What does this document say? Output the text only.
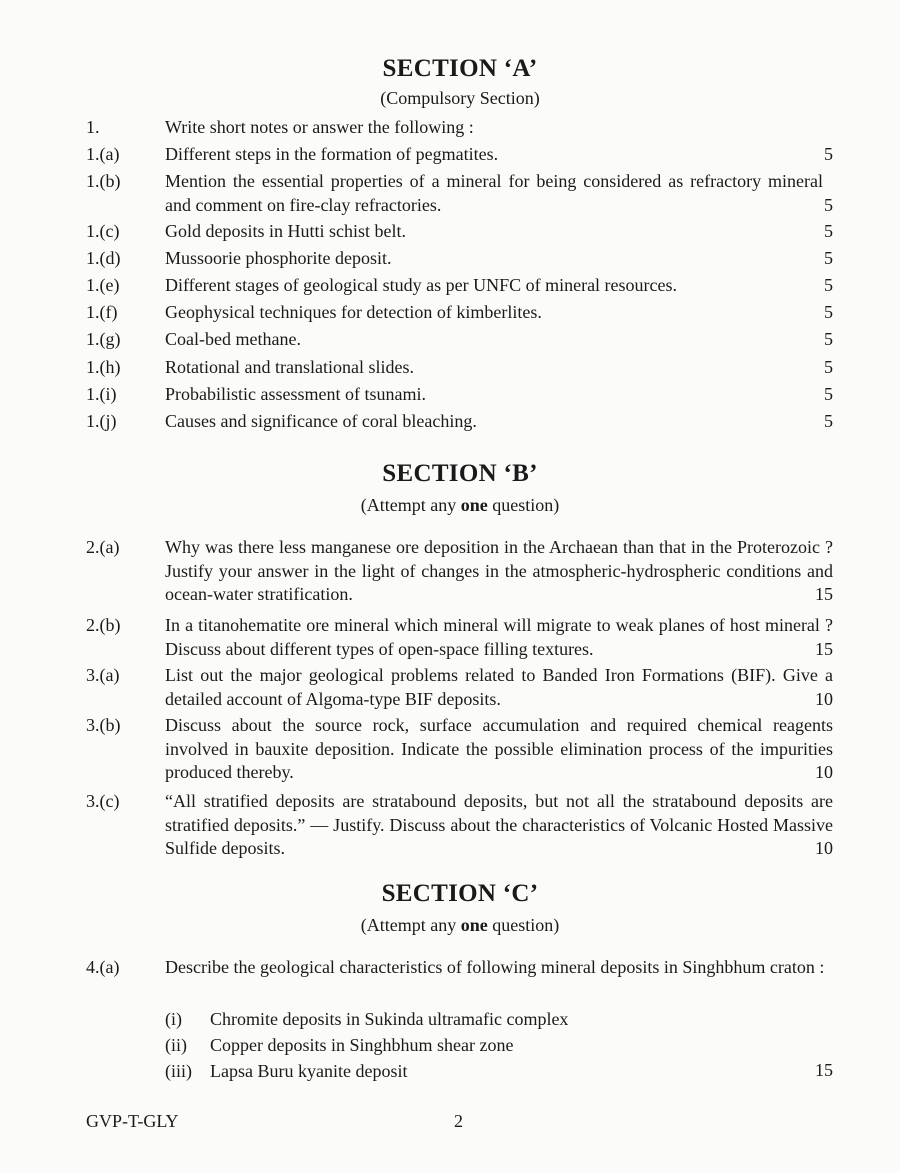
SECTION ‘A’
(Compulsory Section)
1.	Write short notes or answer the following :
1.(a)	Different steps in the formation of pegmatites.	5
1.(b) Mention the essential properties of a mineral for being considered as refractory mineral and comment on fire-clay refractories.	5
1.(c)	Gold deposits in Hutti schist belt.	5
1.(d) Mussoorie phosphorite deposit.	5
1.(e)	Different stages of geological study as per UNFC of mineral resources.	5
1.(f)	Geophysical techniques for detection of kimberlites.	5
1.(g) Coal-bed methane.	5
1.(h) Rotational and translational slides.	5
1.(i)	Probabilistic assessment of tsunami.	5
1.(j)	Causes and significance of coral bleaching.	5
SECTION ‘B’
(Attempt any one question)
2.(a)	Why was there less manganese ore deposition in the Archaean than that in the Proterozoic ? Justify your answer in the light of changes in the atmospheric-hydrospheric conditions and ocean-water stratification.	15
2.(b) In a titanohematite ore mineral which mineral will migrate to weak planes of host mineral ? Discuss about different types of open-space filling textures.	15
3.(a)	List out the major geological problems related to Banded Iron Formations (BIF). Give a detailed account of Algoma-type BIF deposits.	10
3.(b) Discuss about the source rock, surface accumulation and required chemical reagents involved in bauxite deposition. Indicate the possible elimination process of the impurities produced thereby.	10
3.(c)	“All stratified deposits are stratabound deposits, but not all the stratabound deposits are stratified deposits.” — Justify. Discuss about the characteristics of Volcanic Hosted Massive Sulfide deposits.	10
SECTION ‘C’
(Attempt any one question)
4.(a)	Describe the geological characteristics of following mineral deposits in Singhbhum craton :
(i) Chromite deposits in Sukinda ultramafic complex
(ii) Copper deposits in Singhbhum shear zone
(iii) Lapsa Buru kyanite deposit	15
GVP-T-GLY	2
